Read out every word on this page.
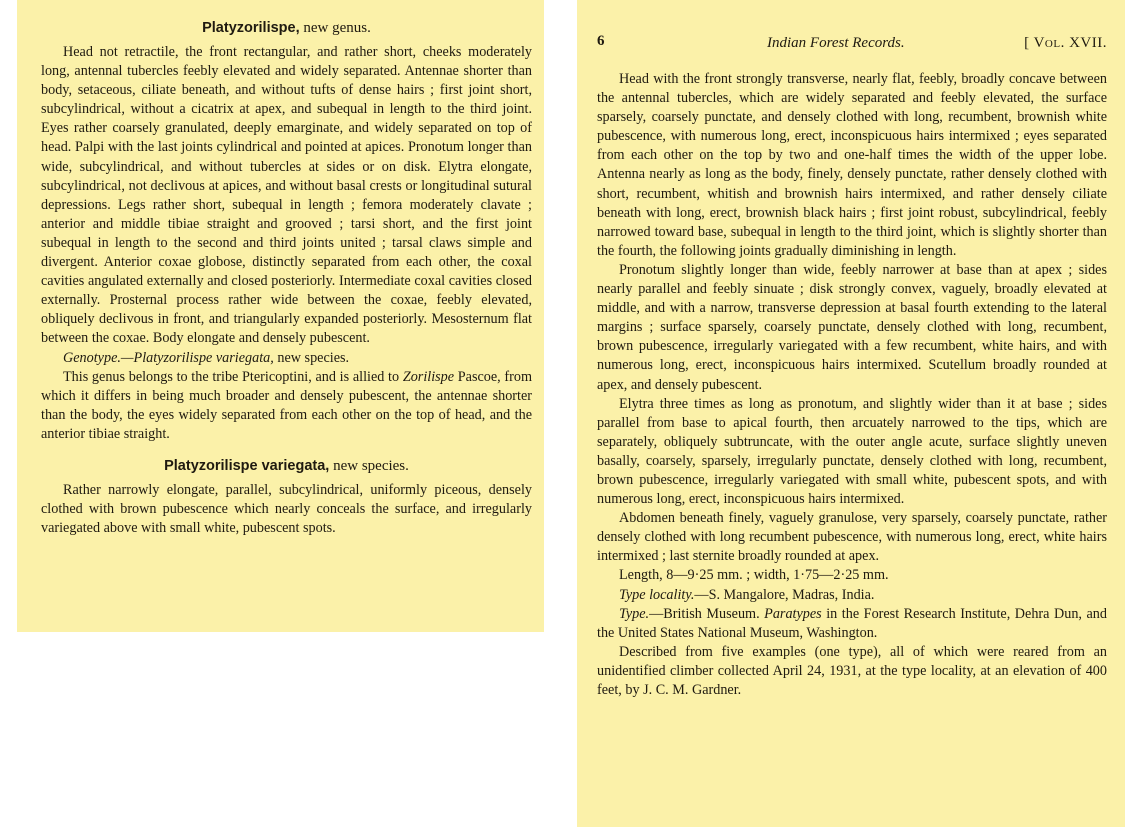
Platyzorilispe, new genus.

Head not retractile, the front rectangular, and rather short, cheeks moderately long, antennal tubercles feebly elevated and widely separated. Antennae shorter than body, setaceous, ciliate beneath, and without tufts of dense hairs ; first joint short, subcylindrical, without a cicatrix at apex, and subequal in length to the third joint. Eyes rather coarsely granulated, deeply emarginate, and widely separated on top of head. Palpi with the last joints cylindrical and pointed at apices. Pronotum longer than wide, subcylindrical, and without tubercles at sides or on disk. Elytra elongate, subcylindrical, not declivous at apices, and without basal crests or longitudinal sutural depressions. Legs rather short, subequal in length ; femora moderately clavate ; anterior and middle tibiae straight and grooved ; tarsi short, and the first joint subequal in length to the second and third joints united ; tarsal claws simple and divergent. Anterior coxae globose, distinctly separated from each other, the coxal cavities angulated externally and closed posteriorly. Intermediate coxal cavities closed externally. Prosternal process rather wide between the coxae, feebly elevated, obliquely declivous in front, and triangularly expanded posteriorly. Mesosternum flat between the coxae. Body elongate and densely pubescent.

Genotype.—Platyzorilispe variegata, new species.

This genus belongs to the tribe Ptericoptini, and is allied to Zorilispe Pascoe, from which it differs in being much broader and densely pubescent, the antennae shorter than the body, the eyes widely separated from each other on the top of head, and the anterior tibiae straight.

Platyzorilispe variegata, new species.

Rather narrowly elongate, parallel, subcylindrical, uniformly piceous, densely clothed with brown pubescence which nearly conceals the surface, and irregularly variegated above with small white, pubescent spots.

6	Indian Forest Records.	[ Vol. XVII.

Head with the front strongly transverse, nearly flat, feebly, broadly concave between the antennal tubercles, which are widely separated and feebly elevated, the surface sparsely, coarsely punctate, and densely clothed with long, recumbent, brownish white pubescence, with numerous long, erect, inconspicuous hairs intermixed ; eyes separated from each other on the top by two and one-half times the width of the upper lobe. Antenna nearly as long as the body, finely, densely punctate, rather densely clothed with short, recumbent, whitish and brownish hairs intermixed, and rather densely ciliate beneath with long, erect, brownish black hairs ; first joint robust, subcylindrical, feebly narrowed toward base, subequal in length to the third joint, which is slightly shorter than the fourth, the following joints gradually diminishing in length.

Pronotum slightly longer than wide, feebly narrower at base than at apex ; sides nearly parallel and feebly sinuate ; disk strongly convex, vaguely, broadly elevated at middle, and with a narrow, transverse depression at basal fourth extending to the lateral margins ; surface sparsely, coarsely punctate, densely clothed with long, recumbent, brown pubescence, irregularly variegated with a few recumbent, white hairs, and with numerous long, erect, inconspicuous hairs intermixed. Scutellum broadly rounded at apex, and densely pubescent.

Elytra three times as long as pronotum, and slightly wider than it at base ; sides parallel from base to apical fourth, then arcuately narrowed to the tips, which are separately, obliquely subtruncate, with the outer angle acute, surface slightly uneven basally, coarsely, sparsely, irregularly punctate, densely clothed with long, recumbent, brown pubescence, irregularly variegated with small white, pubescent spots, and with numerous long, erect, inconspicuous hairs intermixed.

Abdomen beneath finely, vaguely granulose, very sparsely, coarsely punctate, rather densely clothed with long recumbent pubescence, with numerous long, erect, white hairs intermixed ; last sternite broadly rounded at apex.

Length, 8—9·25 mm. ; width, 1·75—2·25 mm.

Type locality.—S. Mangalore, Madras, India.

Type.—British Museum. Paratypes in the Forest Research Institute, Dehra Dun, and the United States National Museum, Washington.

Described from five examples (one type), all of which were reared from an unidentified climber collected April 24, 1931, at the type locality, at an elevation of 400 feet, by J. C. M. Gardner.
